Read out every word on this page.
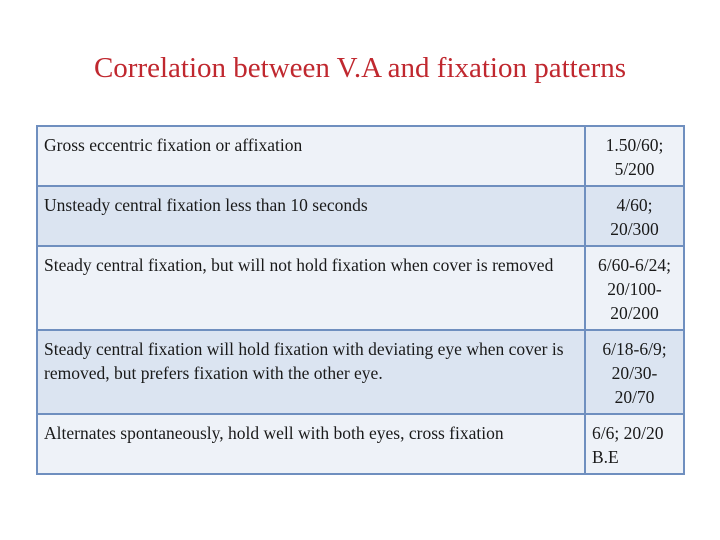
Correlation between V.A and fixation patterns
Gross eccentric fixation or affixation	1.50/60; 5/200
Unsteady central fixation less than 10 seconds	4/60; 20/300
Steady central fixation, but will not hold fixation when cover is removed	6/60-6/24; 20/100-20/200
Steady central fixation will hold fixation with deviating eye when cover is removed, but prefers fixation with the other eye.	6/18-6/9; 20/30-20/70
Alternates spontaneously, hold well with both eyes, cross fixation	6/6; 20/20 B.E
